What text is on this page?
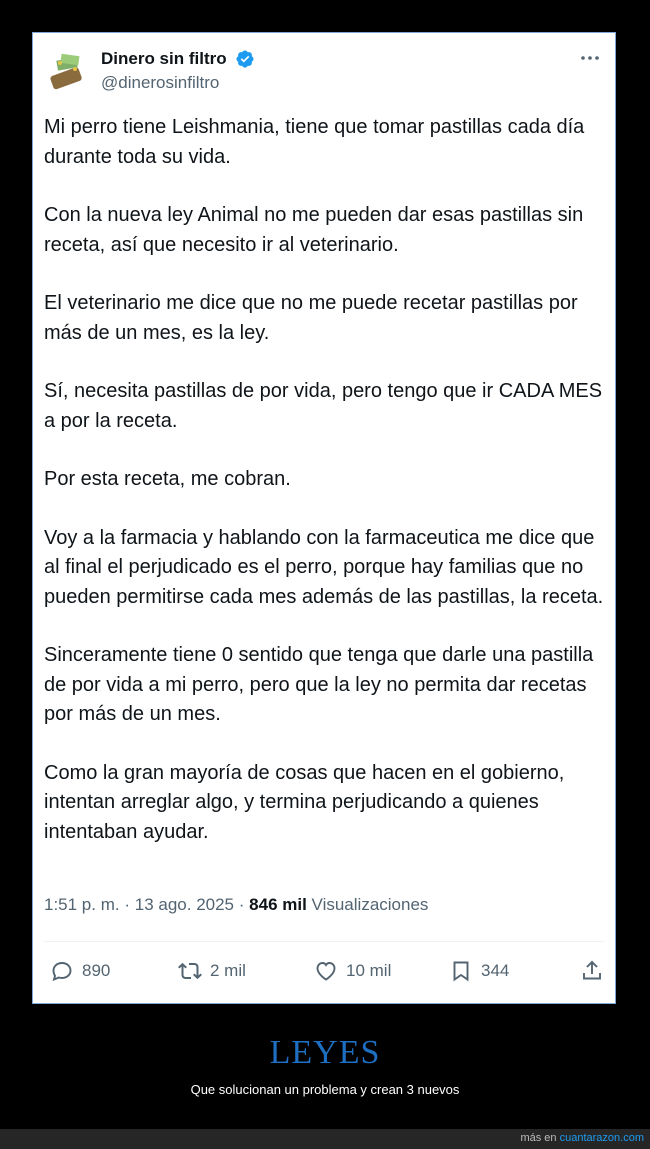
Dinero sin filtro
@dinerosinfiltro

Mi perro tiene Leishmania, tiene que tomar pastillas cada día durante toda su vida.

Con la nueva ley Animal no me pueden dar esas pastillas sin receta, así que necesito ir al veterinario.

El veterinario me dice que no me puede recetar pastillas por más de un mes, es la ley.

Sí, necesita pastillas de por vida, pero tengo que ir CADA MES a por la receta.

Por esta receta, me cobran.

Voy a la farmacia y hablando con la farmaceutica me dice que al final el perjudicado es el perro, porque hay familias que no pueden permitirse cada mes además de las pastillas, la receta.

Sinceramente tiene 0 sentido que tenga que darle una pastilla de por vida a mi perro, pero que la ley no permita dar recetas por más de un mes.

Como la gran mayoría de cosas que hacen en el gobierno, intentan arreglar algo, y termina perjudicando a quienes intentaban ayudar.

1:51 p. m. · 13 ago. 2025 · 846 mil Visualizaciones
890	2 mil	10 mil	344
LEYES
Que solucionan un problema y crean 3 nuevos
más en cuantarazon.com
